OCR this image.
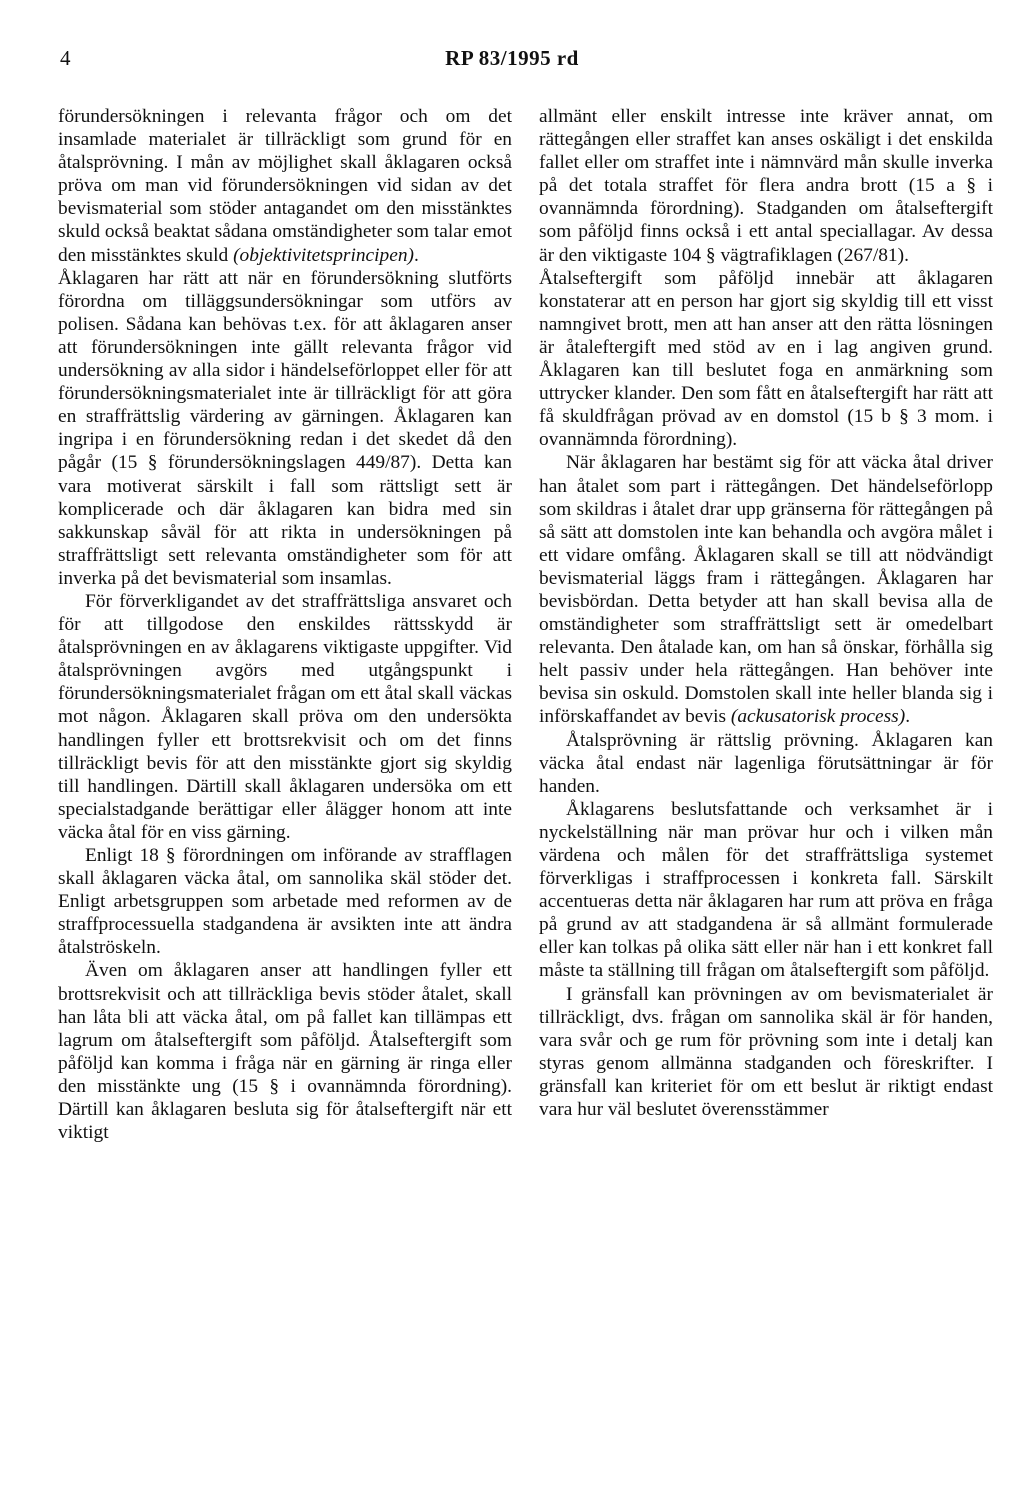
4	RP 83/1995 rd

förundersökningen i relevanta frågor och om det insamlade materialet är tillräckligt som grund för en åtalsprövning. I mån av möjlighet skall åklagaren också pröva om man vid förundersökningen vid sidan av det bevismaterial som stöder antagandet om den misstänktes skuld också beaktat sådana omständigheter som talar emot den misstänktes skuld (objektivitetsprincipen).

Åklagaren har rätt att när en förundersökning slutförts förordna om tilläggsundersökningar som utförs av polisen. Sådana kan behövas t.ex. för att åklagaren anser att förundersökningen inte gällt relevanta frågor vid undersökning av alla sidor i händelseförloppet eller för att förundersökningsmaterialet inte är tillräckligt för att göra en straffrättslig värdering av gärningen. Åklagaren kan ingripa i en förundersökning redan i det skedet då den pågår (15 § förundersökningslagen 449/87). Detta kan vara motiverat särskilt i fall som rättsligt sett är komplicerade och där åklagaren kan bidra med sin sakkunskap såväl för att rikta in undersökningen på straffrättsligt sett relevanta omständigheter som för att inverka på det bevismaterial som insamlas.

För förverkligandet av det straffrättsliga ansvaret och för att tillgodose den enskildes rättsskydd är åtalsprövningen en av åklagarens viktigaste uppgifter. Vid åtalsprövningen avgörs med utgångspunkt i förundersökningsmaterialet frågan om ett åtal skall väckas mot någon. Åklagaren skall pröva om den undersökta handlingen fyller ett brottsrekvisit och om det finns tillräckligt bevis för att den misstänkte gjort sig skyldig till handlingen. Därtill skall åklagaren undersöka om ett specialstadgande berättigar eller ålägger honom att inte väcka åtal för en viss gärning.

Enligt 18 § förordningen om införande av strafflagen skall åklagaren väcka åtal, om sannolika skäl stöder det. Enligt arbetsgruppen som arbetade med reformen av de straffprocessuella stadgandena är avsikten inte att ändra åtalströskeln.

Även om åklagaren anser att handlingen fyller ett brottsrekvisit och att tillräckliga bevis stöder åtalet, skall han låta bli att väcka åtal, om på fallet kan tillämpas ett lagrum om åtalseftergift som påföljd. Åtalseftergift som påföljd kan komma i fråga när en gärning är ringa eller den misstänkte ung (15 § i ovannämnda förordning). Därtill kan åklagaren besluta sig för åtalseftergift när ett viktigt

allmänt eller enskilt intresse inte kräver annat, om rättegången eller straffet kan anses oskäligt i det enskilda fallet eller om straffet inte i nämnvärd mån skulle inverka på det totala straffet för flera andra brott (15 a § i ovannämnda förordning). Stadganden om åtalseftergift som påföljd finns också i ett antal speciallagar. Av dessa är den viktigaste 104 § vägtrafiklagen (267/81).

Åtalseftergift som påföljd innebär att åklagaren konstaterar att en person har gjort sig skyldig till ett visst namngivet brott, men att han anser att den rätta lösningen är åtaleftergift med stöd av en i lag angiven grund. Åklagaren kan till beslutet foga en anmärkning som uttrycker klander. Den som fått en åtalseftergift har rätt att få skuldfrågan prövad av en domstol (15 b § 3 mom. i ovannämnda förordning).

När åklagaren har bestämt sig för att väcka åtal driver han åtalet som part i rättegången. Det händelseförlopp som skildras i åtalet drar upp gränserna för rättegången på så sätt att domstolen inte kan behandla och avgöra målet i ett vidare omfång. Åklagaren skall se till att nödvändigt bevismaterial läggs fram i rättegången. Åklagaren har bevisbördan. Detta betyder att han skall bevisa alla de omständigheter som straffrättsligt sett är omedelbart relevanta. Den åtalade kan, om han så önskar, förhålla sig helt passiv under hela rättegången. Han behöver inte bevisa sin oskuld. Domstolen skall inte heller blanda sig i införskaffandet av bevis (ackusatorisk process).

Åtalsprövning är rättslig prövning. Åklagaren kan väcka åtal endast när lagenliga förutsättningar är för handen.

Åklagarens beslutsfattande och verksamhet är i nyckelställning när man prövar hur och i vilken mån värdena och målen för det straffrättsliga systemet förverkligas i straffprocessen i konkreta fall. Särskilt accentueras detta när åklagaren har rum att pröva en fråga på grund av att stadgandena är så allmänt formulerade eller kan tolkas på olika sätt eller när han i ett konkret fall måste ta ställning till frågan om åtalseftergift som påföljd.

I gränsfall kan prövningen av om bevismaterialet är tillräckligt, dvs. frågan om sannolika skäl är för handen, vara svår och ge rum för prövning som inte i detalj kan styras genom allmänna stadganden och föreskrifter. I gränsfall kan kriteriet för om ett beslut är riktigt endast vara hur väl beslutet överensstämmer
